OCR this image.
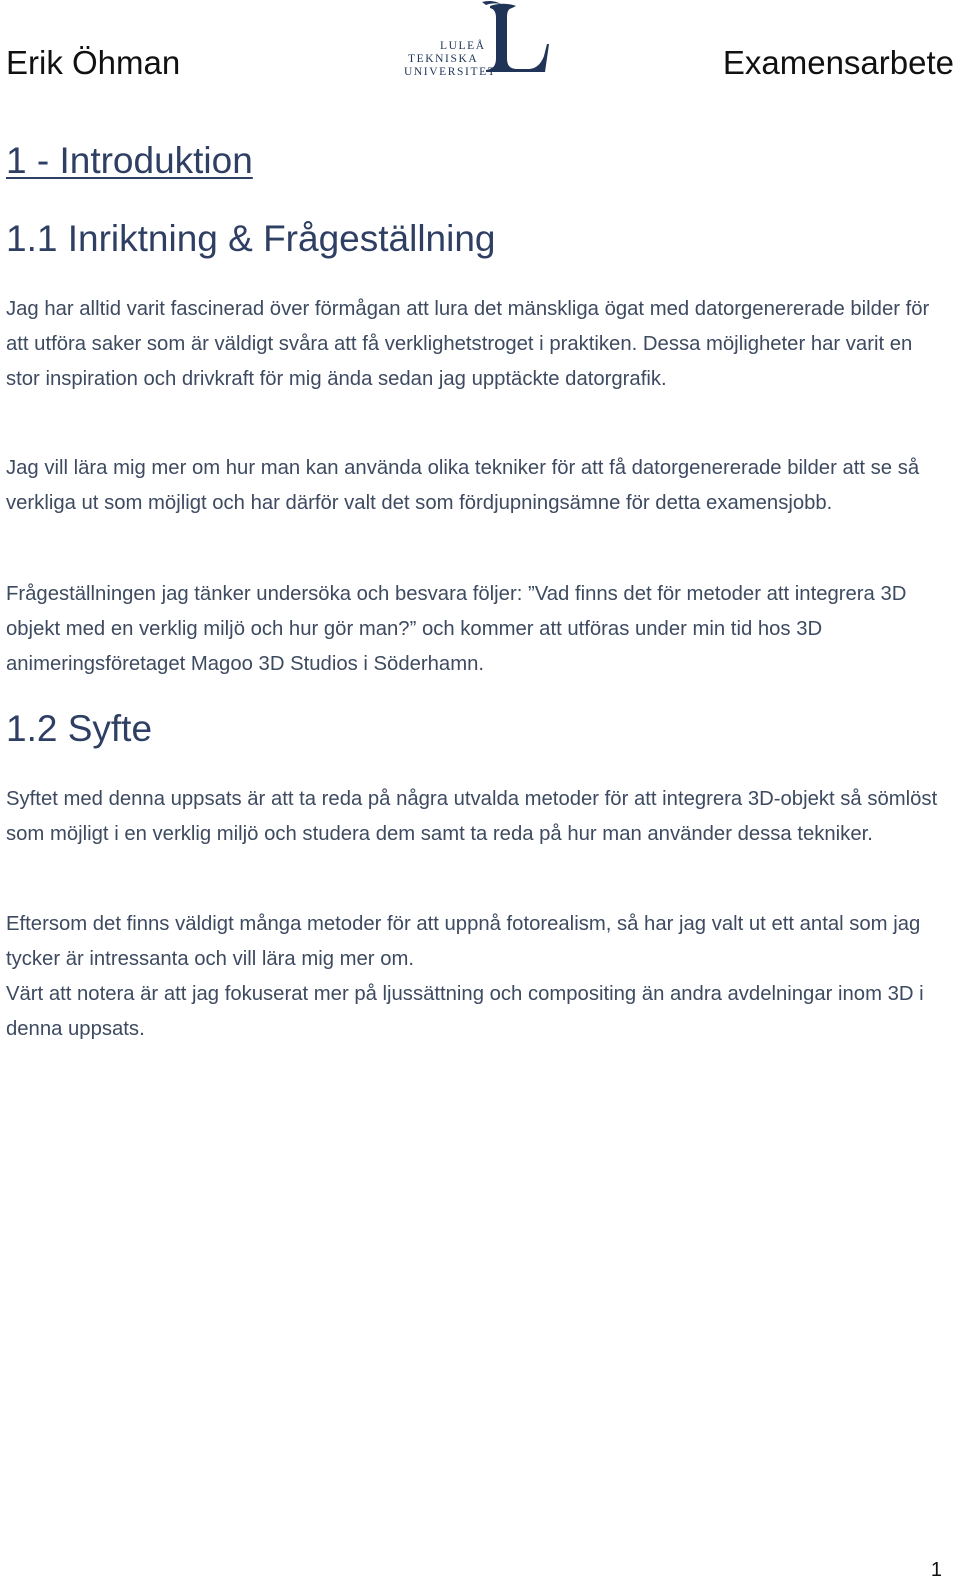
Erik Öhman	LULEÅ
TEKNISKA
UNIVERSITET	Examensarbete
1 - Introduktion
1.1 Inriktning & Frågeställning
Jag har alltid varit fascinerad över förmågan att lura det mänskliga ögat med datorgenererade bilder för att utföra saker som är väldigt svåra att få verklighetstroget i praktiken. Dessa möjligheter har varit en stor inspiration och drivkraft för mig ända sedan jag upptäckte datorgrafik.
Jag vill lära mig mer om hur man kan använda olika tekniker för att få datorgenererade bilder att se så verkliga ut som möjligt och har därför valt det som fördjupningsämne för detta examensjobb.
Frågeställningen jag tänker undersöka och besvara följer: ”Vad finns det för metoder att integrera 3D objekt med en verklig miljö och hur gör man?” och kommer att utföras under min tid hos 3D animeringsföretaget Magoo 3D Studios i Söderhamn.
1.2 Syfte
Syftet med denna uppsats är att ta reda på några utvalda metoder för att integrera 3D-objekt så sömlöst som möjligt i en verklig miljö och studera dem samt ta reda på hur man använder dessa tekniker.
Eftersom det finns väldigt många metoder för att uppnå fotorealism, så har jag valt ut ett antal som jag tycker är intressanta och vill lära mig mer om.
Värt att notera är att jag fokuserat mer på ljussättning och compositing än andra avdelningar inom 3D i denna uppsats.
1
